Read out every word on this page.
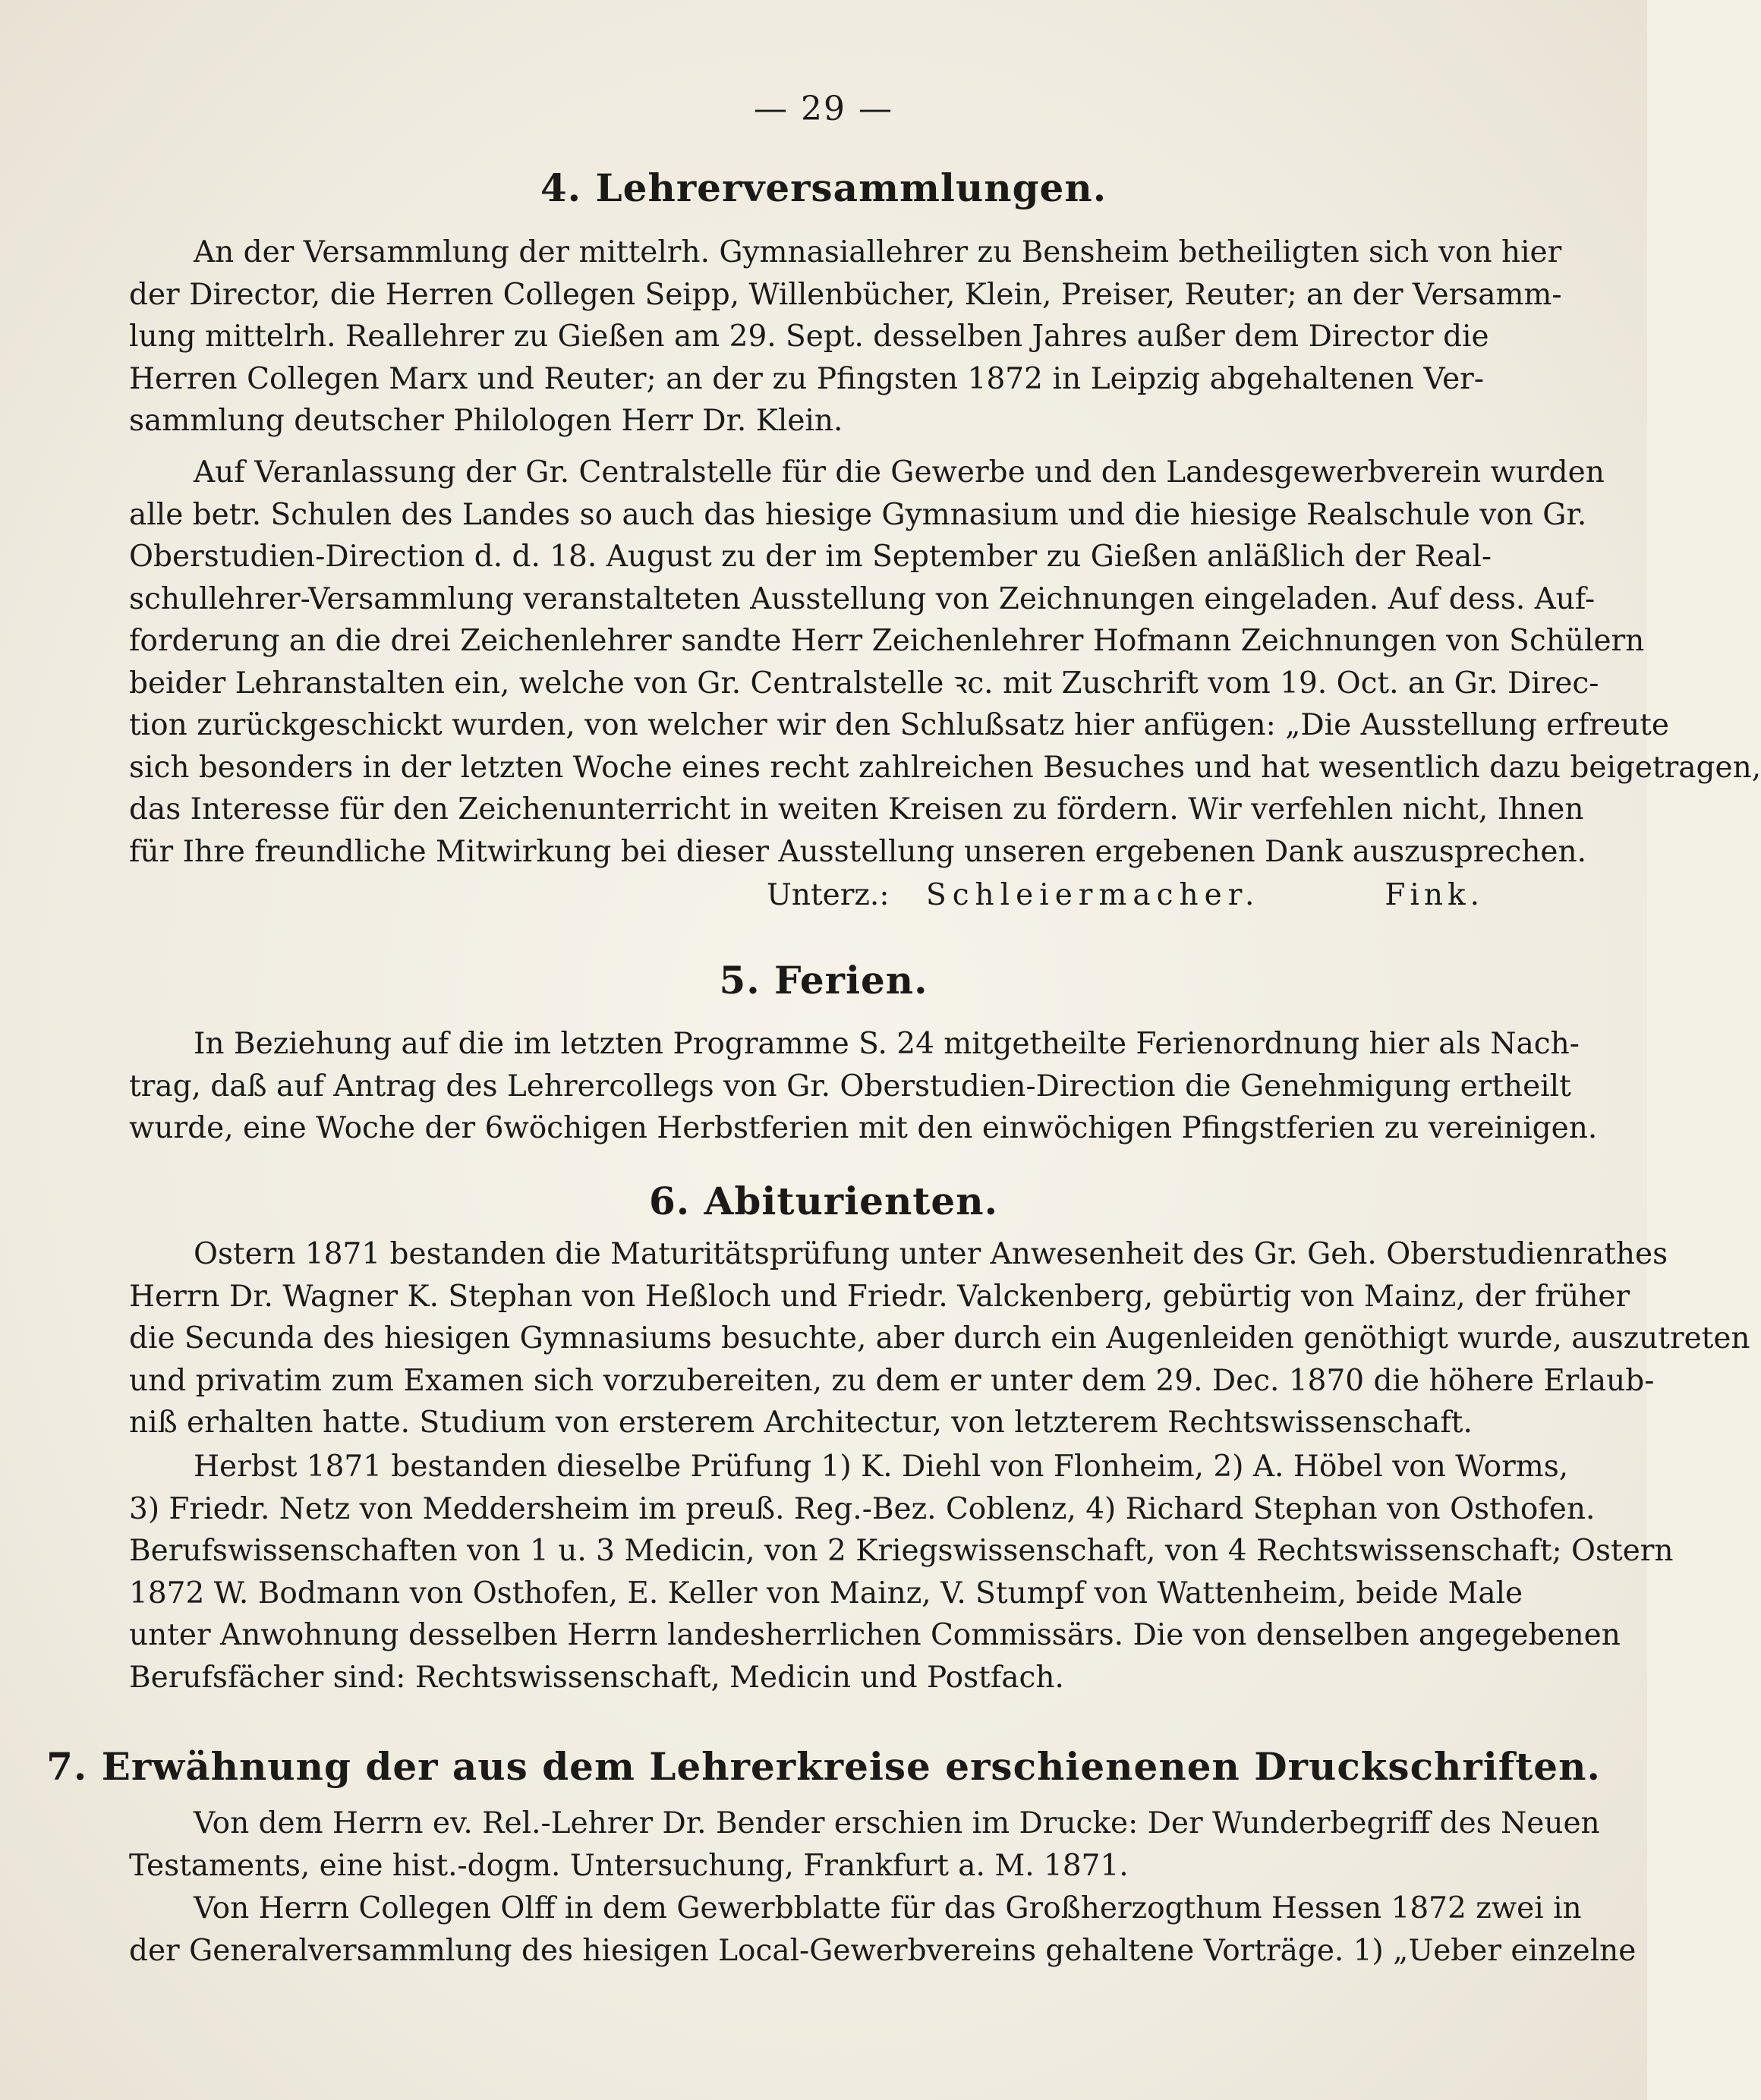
— 29 —
4. Lehrerversammlungen.
An der Versammlung der mittelrh. Gymnasiallehrer zu Bensheim betheiligten sich von hier
der Director, die Herren Collegen Seipp, Willenbücher, Klein, Preiser, Reuter; an der Versamm-
lung mittelrh. Reallehrer zu Gießen am 29. Sept. desselben Jahres außer dem Director die
Herren Collegen Marx und Reuter; an der zu Pfingsten 1872 in Leipzig abgehaltenen Ver-
sammlung deutscher Philologen Herr Dr. Klein.
Auf Veranlassung der Gr. Centralstelle für die Gewerbe und den Landesgewerbverein wurden
alle betr. Schulen des Landes so auch das hiesige Gymnasium und die hiesige Realschule von Gr.
Oberstudien-Direction d. d. 18. August zu der im September zu Gießen anläßlich der Real-
schullehrer-Versammlung veranstalteten Ausstellung von Zeichnungen eingeladen. Auf dess. Auf-
forderung an die drei Zeichenlehrer sandte Herr Zeichenlehrer Hofmann Zeichnungen von Schülern
beider Lehranstalten ein, welche von Gr. Centralstelle ꝛc. mit Zuschrift vom 19. Oct. an Gr. Direc-
tion zurückgeschickt wurden, von welcher wir den Schlußsatz hier anfügen: „Die Ausstellung erfreute
sich besonders in der letzten Woche eines recht zahlreichen Besuches und hat wesentlich dazu beigetragen,
das Interesse für den Zeichenunterricht in weiten Kreisen zu fördern. Wir verfehlen nicht, Ihnen
für Ihre freundliche Mitwirkung bei dieser Ausstellung unseren ergebenen Dank auszusprechen.
Unterz.: Schleiermacher.	Fink.
5. Ferien.
In Beziehung auf die im letzten Programme S. 24 mitgetheilte Ferienordnung hier als Nach-
trag, daß auf Antrag des Lehrercollegs von Gr. Oberstudien-Direction die Genehmigung ertheilt
wurde, eine Woche der 6wöchigen Herbstferien mit den einwöchigen Pfingstferien zu vereinigen.
6. Abiturienten.
Ostern 1871 bestanden die Maturitätsprüfung unter Anwesenheit des Gr. Geh. Oberstudienrathes
Herrn Dr. Wagner K. Stephan von Heßloch und Friedr. Valckenberg, gebürtig von Mainz, der früher
die Secunda des hiesigen Gymnasiums besuchte, aber durch ein Augenleiden genöthigt wurde, auszutreten
und privatim zum Examen sich vorzubereiten, zu dem er unter dem 29. Dec. 1870 die höhere Erlaub-
niß erhalten hatte. Studium von ersterem Architectur, von letzterem Rechtswissenschaft.
Herbst 1871 bestanden dieselbe Prüfung 1) K. Diehl von Flonheim, 2) A. Höbel von Worms,
3) Friedr. Netz von Meddersheim im preuß. Reg.-Bez. Coblenz, 4) Richard Stephan von Osthofen.
Berufswissenschaften von 1 u. 3 Medicin, von 2 Kriegswissenschaft, von 4 Rechtswissenschaft; Ostern
1872 W. Bodmann von Osthofen, E. Keller von Mainz, V. Stumpf von Wattenheim, beide Male
unter Anwohnung desselben Herrn landesherrlichen Commissärs. Die von denselben angegebenen
Berufsfächer sind: Rechtswissenschaft, Medicin und Postfach.
7. Erwähnung der aus dem Lehrerkreise erschienenen Druckschriften.
Von dem Herrn ev. Rel.-Lehrer Dr. Bender erschien im Drucke: Der Wunderbegriff des Neuen
Testaments, eine hist.-dogm. Untersuchung, Frankfurt a. M. 1871.
Von Herrn Collegen Olff in dem Gewerbblatte für das Großherzogthum Hessen 1872 zwei in
der Generalversammlung des hiesigen Local-Gewerbvereins gehaltene Vorträge. 1) „Ueber einzelne
